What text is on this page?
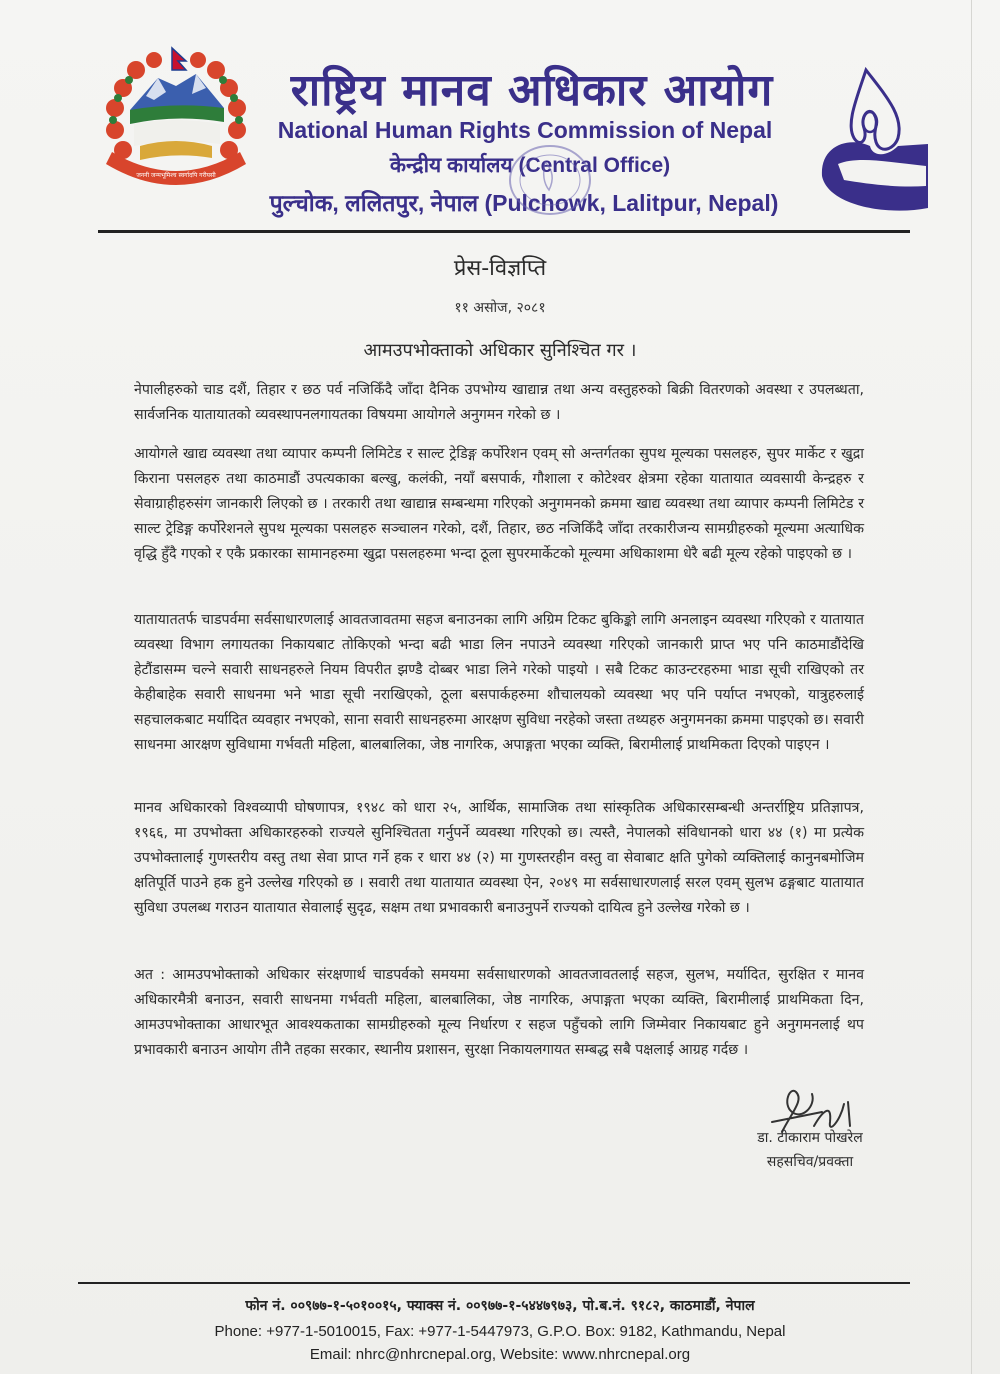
जननी जन्मभूमिश्च स्वर्गादपि गरीयसी
राष्ट्रिय मानव अधिकार आयोग
National Human Rights Commission of Nepal
केन्द्रीय कार्यालय (Central Office)
पुल्चोक, ललितपुर, नेपाल (Pulchowk, Lalitpur, Nepal)
प्रेस-विज्ञप्ति
११ असोज, २०८१
आमउपभोक्ताको अधिकार सुनिश्चित गर ।

नेपालीहरुको चाड दशैं, तिहार र छठ पर्व नजिकिँदै जाँदा दैनिक उपभोग्य खाद्यान्न तथा अन्य वस्तुहरुको बिक्री वितरणको अवस्था र उपलब्धता, सार्वजनिक यातायातको व्यवस्थापनलगायतका विषयमा आयोगले अनुगमन गरेको छ ।

आयोगले खाद्य व्यवस्था तथा व्यापार कम्पनी लिमिटेड र साल्ट ट्रेडिङ्ग कर्पोरेशन एवम् सो अन्तर्गतका सुपथ मूल्यका पसलहरु, सुपर मार्केट र खुद्रा किराना पसलहरु तथा काठमाडौं उपत्यकाका बल्खु, कलंकी, नयाँ बसपार्क, गौशाला र कोटेश्वर क्षेत्रमा रहेका यातायात व्यवसायी केन्द्रहरु र सेवाग्राहीहरुसंग जानकारी लिएको छ । तरकारी तथा खाद्यान्न सम्बन्धमा गरिएको अनुगमनको क्रममा खाद्य व्यवस्था तथा व्यापार कम्पनी लिमिटेड र साल्ट ट्रेडिङ्ग कर्पोरेशनले सुपथ मूल्यका पसलहरु सञ्चालन गरेको, दशैं, तिहार, छठ नजिकिँदै जाँदा तरकारीजन्य सामग्रीहरुको मूल्यमा अत्याधिक वृद्धि हुँदै गएको र एकै प्रकारका सामानहरुमा खुद्रा पसलहरुमा भन्दा ठूला सुपरमार्केटको मूल्यमा अधिकाशमा धेरै बढी मूल्य रहेको पाइएको छ ।

यातायाततर्फ चाडपर्वमा सर्वसाधारणलाई आवतजावतमा सहज बनाउनका लागि अग्रिम टिकट बुकिङ्को लागि अनलाइन व्यवस्था गरिएको र यातायात व्यवस्था विभाग लगायतका निकायबाट तोकिएको भन्दा बढी भाडा लिन नपाउने व्यवस्था गरिएको जानकारी प्राप्त भए पनि काठमाडौंदेखि हेटौंडासम्म चल्ने सवारी साधनहरुले नियम विपरीत झण्डै दोब्बर भाडा लिने गरेको पाइयो । सबै टिकट काउन्टरहरुमा भाडा सूची राखिएको तर केहीबाहेक सवारी साधनमा भने भाडा सूची नराखिएको, ठूला बसपार्कहरुमा शौचालयको व्यवस्था भए पनि पर्याप्त नभएको, यात्रुहरुलाई सहचालकबाट मर्यादित व्यवहार नभएको, साना सवारी साधनहरुमा आरक्षण सुविधा नरहेको जस्ता तथ्यहरु अनुगमनका क्रममा पाइएको छ। सवारी साधनमा आरक्षण सुविधामा गर्भवती महिला, बालबालिका, जेष्ठ नागरिक, अपाङ्गता भएका व्यक्ति, बिरामीलाई प्राथमिकता दिएको पाइएन ।

मानव अधिकारको विश्वव्यापी घोषणापत्र, १९४८ को धारा २५, आर्थिक, सामाजिक तथा सांस्कृतिक अधिकारसम्बन्धी अन्तर्राष्ट्रिय प्रतिज्ञापत्र, १९६६, मा उपभोक्ता अधिकारहरुको राज्यले सुनिश्चितता गर्नुपर्ने व्यवस्था गरिएको छ। त्यस्तै, नेपालको संविधानको धारा ४४ (१) मा प्रत्येक उपभोक्तालाई गुणस्तरीय वस्तु तथा सेवा प्राप्त गर्ने हक र धारा ४४ (२) मा गुणस्तरहीन वस्तु वा सेवाबाट क्षति पुगेको व्यक्तिलाई कानुनबमोजिम क्षतिपूर्ति पाउने हक हुने उल्लेख गरिएको छ । सवारी तथा यातायात व्यवस्था ऐन, २०४९ मा सर्वसाधारणलाई सरल एवम् सुलभ ढङ्गबाट यातायात सुविधा उपलब्ध गराउन यातायात सेवालाई सुदृढ, सक्षम तथा प्रभावकारी बनाउनुपर्ने राज्यको दायित्व हुने उल्लेख गरेको छ ।

अत : आमउपभोक्ताको अधिकार संरक्षणार्थ चाडपर्वको समयमा सर्वसाधारणको आवतजावतलाई सहज, सुलभ, मर्यादित, सुरक्षित र मानव अधिकारमैत्री बनाउन, सवारी साधनमा गर्भवती महिला, बालबालिका, जेष्ठ नागरिक, अपाङ्गता भएका व्यक्ति, बिरामीलाई प्राथमिकता दिन, आमउपभोक्ताका आधारभूत आवश्यकताका सामग्रीहरुको मूल्य निर्धारण र सहज पहुँचको लागि जिम्मेवार निकायबाट हुने अनुगमनलाई थप प्रभावकारी बनाउन आयोग तीनै तहका सरकार, स्थानीय प्रशासन, सुरक्षा निकायलगायत सम्बद्ध सबै पक्षलाई आग्रह गर्दछ ।

डा. टीकाराम पोखरेल
सहसचिव/प्रवक्ता
फोन नं. ००९७७-१-५०१००१५, फ्याक्स नं. ००९७७-१-५४४७९७३, पो.ब.नं. ९१८२, काठमाडौं, नेपाल
Phone: +977-1-5010015, Fax: +977-1-5447973, G.P.O. Box: 9182, Kathmandu, Nepal
Email: nhrc@nhrcnepal.org, Website: www.nhrcnepal.org
